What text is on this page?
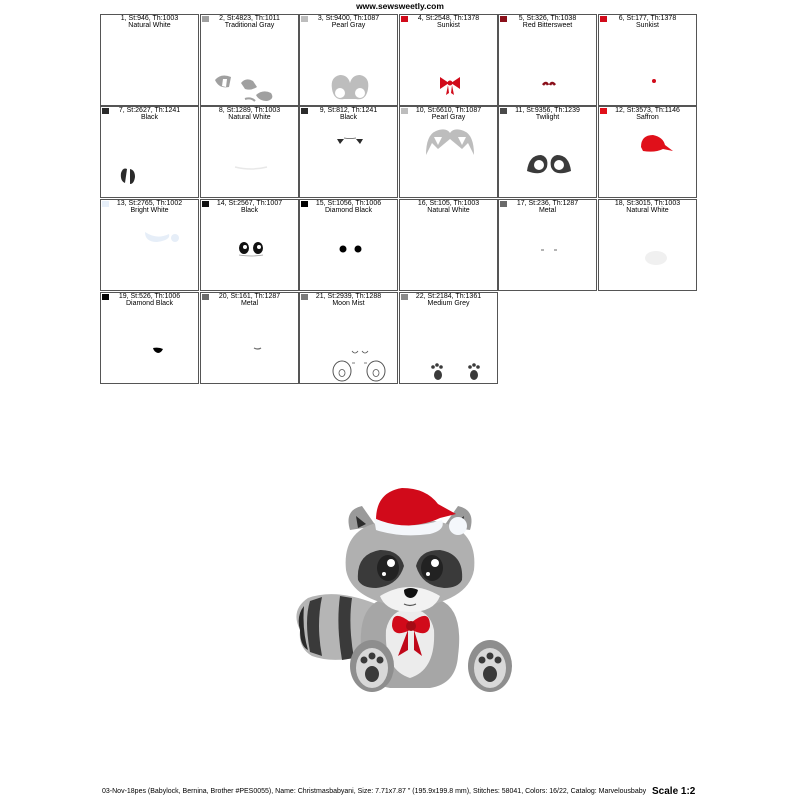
www.sewsweetly.com
1, St:946, Th:1003
Natural White
2, St:4823, Th:1011
Traditional Gray
3, St:9400, Th:1087
Pearl Gray
4, St:2548, Th:1378
Sunkist
5, St:326, Th:1038
Red Bittersweet
6, St:177, Th:1378
Sunkist
7, St:2627, Th:1241
Black
8, St:1289, Th:1003
Natural White
9, St:812, Th:1241
Black
10, St:6610, Th:1087
Pearl Gray
11, St:9356, Th:1239
Twilight
12, St:3573, Th:1146
Saffron
13, St:2765, Th:1002
Bright White
14, St:2567, Th:1007
Black
15, St:1056, Th:1006
Diamond Black
16, St:105, Th:1003
Natural White
17, St:236, Th:1287
Metal
18, St:3015, Th:1003
Natural White
19, St:526, Th:1006
Diamond Black
20, St:161, Th:1287
Metal
21, St:2939, Th:1288
Moon Mist
22, St:2184, Th:1361
Medium Grey
03-Nov-18pes (Babylock, Bernina, Brother #PES0055), Name: Christmasbabyani, Size: 7.71x7.87 " (195.9x199.8 mm), Stitches: 58041, Colors: 16/22, Catalog: Marvelousbaby Scale 1:2
